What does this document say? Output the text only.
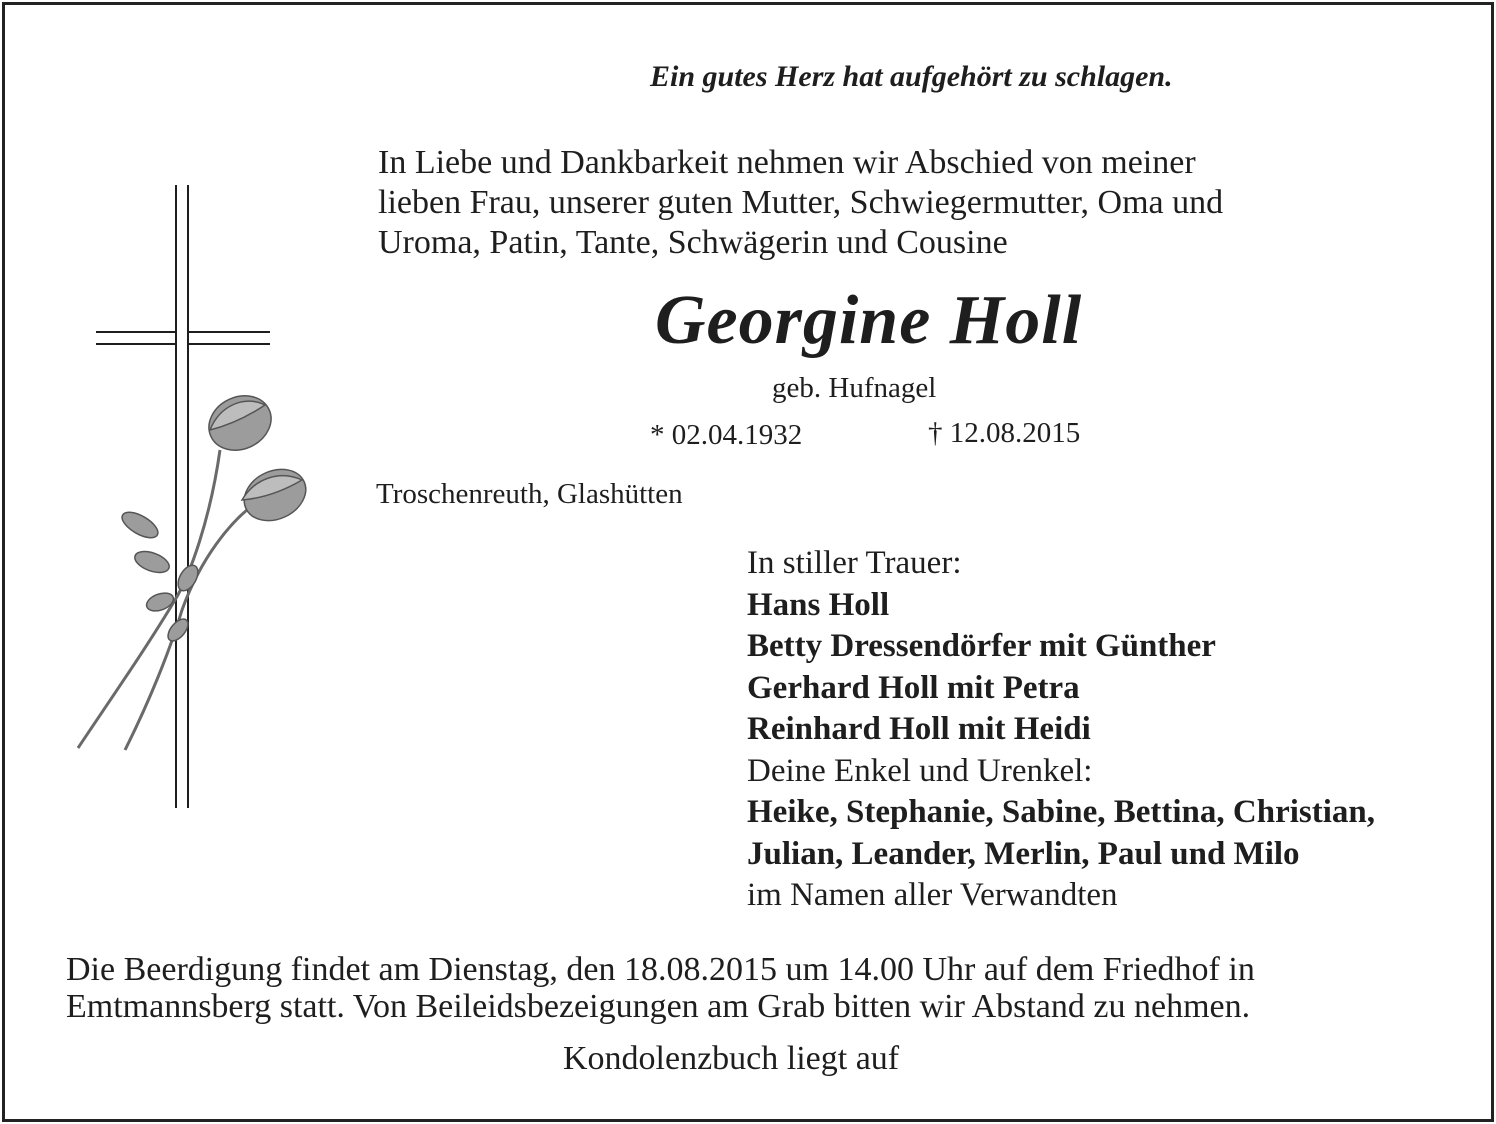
Ein gutes Herz hat aufgehört zu schlagen.
In Liebe und Dankbarkeit nehmen wir Abschied von meiner
lieben Frau, unserer guten Mutter, Schwiegermutter, Oma und
Uroma, Patin, Tante, Schwägerin und Cousine
Georgine Holl
geb. Hufnagel
* 02.04.1932	† 12.08.2015
Troschenreuth, Glashütten
In stiller Trauer:
Hans Holl
Betty Dressendörfer mit Günther
Gerhard Holl mit Petra
Reinhard Holl mit Heidi
Deine Enkel und Urenkel:
Heike, Stephanie, Sabine, Bettina, Christian,
Julian, Leander, Merlin, Paul und Milo
im Namen aller Verwandten
Die Beerdigung findet am Dienstag, den 18.08.2015 um 14.00 Uhr auf dem Friedhof in
Emtmannsberg statt. Von Beileidsbezeigungen am Grab bitten wir Abstand zu nehmen.
Kondolenzbuch liegt auf
